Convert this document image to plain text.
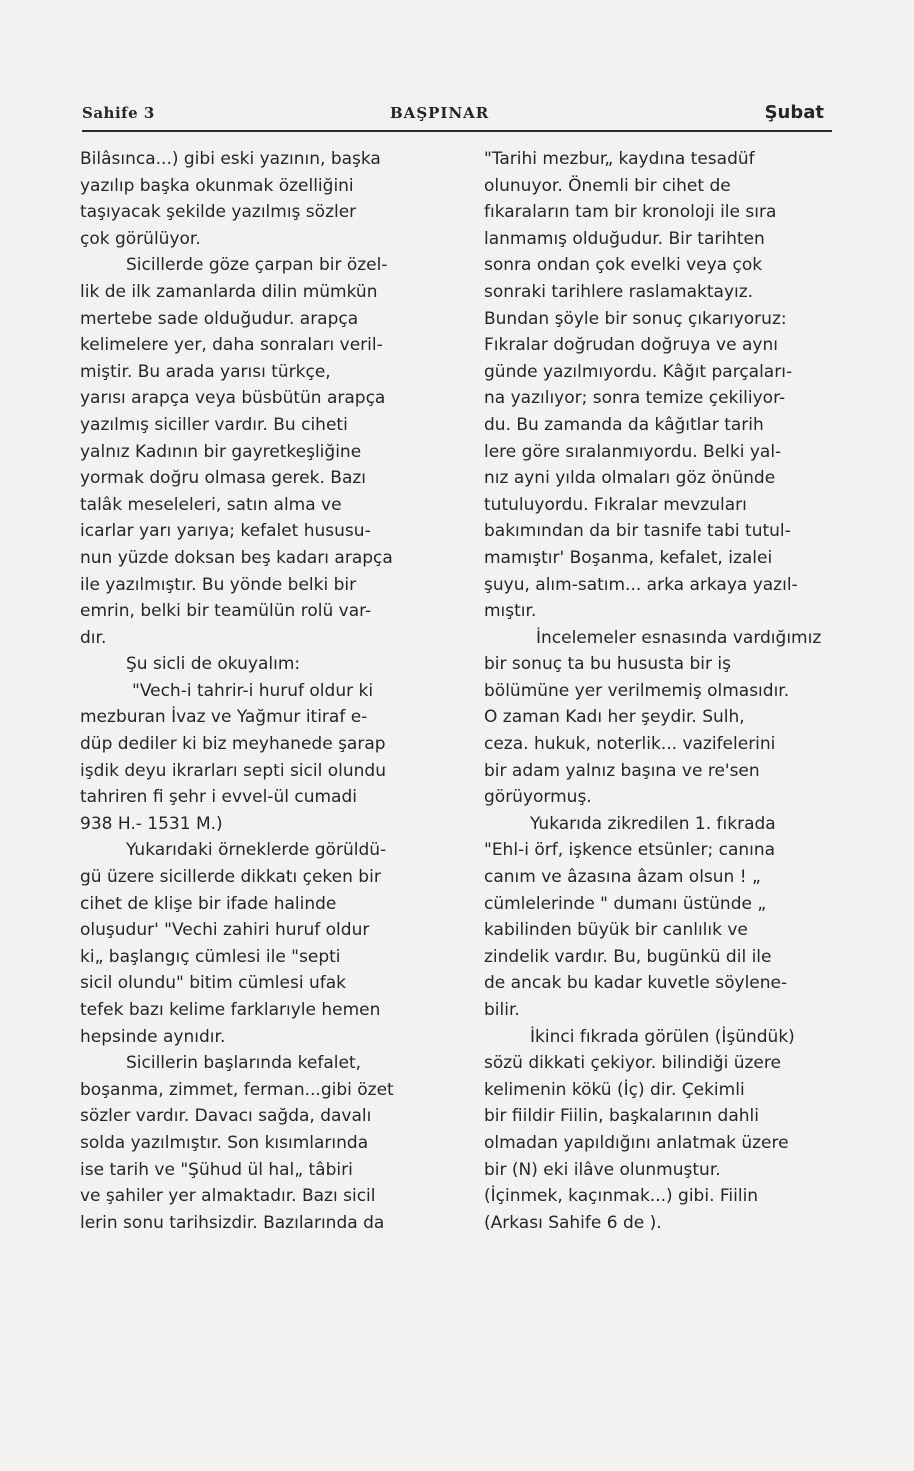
Sahife 3	BAŞPINAR	Şubat

Bilâsınca...) gibi eski yazının, başka
yazılıp başka okunmak özelliğini
taşıyacak şekilde yazılmış sözler
çok görülüyor.

Sicillerde göze çarpan bir özel-
lik de ilk zamanlarda dilin mümkün
mertebe sade olduğudur. arapça
kelimelere yer, daha sonraları veril-
miştir. Bu arada yarısı türkçe,
yarısı arapça veya büsbütün arapça
yazılmış siciller vardır. Bu ciheti
yalnız Kadının bir gayretkeşliğine
yormak doğru olmasa gerek. Bazı
talâk meseleleri, satın alma ve
icarlar yarı yarıya; kefalet hususu-
nun yüzde doksan beş kadarı arapça
ile yazılmıştır. Bu yönde belki bir
emrin, belki bir teamülün rolü var-
dır.

Şu sicli de okuyalım:

"Vech-i tahrir-i huruf oldur ki
mezburan İvaz ve Yağmur itiraf e-
düp dediler ki biz meyhanede şarap
işdik deyu ikrarları septi sicil olundu
tahriren fi şehr i evvel-ül cumadi
938 H.- 1531 M.)

Yukarıdaki örneklerde görüldü-
gü üzere sicillerde dikkatı çeken bir
cihet de klişe bir ifade halinde
oluşudur' "Vechi zahiri huruf oldur
ki„ başlangıç cümlesi ile "septi
sicil olundu" bitim cümlesi ufak
tefek bazı kelime farklarıyle hemen
hepsinde aynıdır.

Sicillerin başlarında kefalet,
boşanma, zimmet, ferman...gibi özet
sözler vardır. Davacı sağda, davalı
solda yazılmıştır. Son kısımlarında
ise tarih ve "Şühud ül hal„ tâbiri
ve şahiler yer almaktadır. Bazı sicil
lerin sonu tarihsizdir. Bazılarında da

"Tarihi mezbur„ kaydına tesadüf
olunuyor. Önemli bir cihet de
fıkaraların tam bir kronoloji ile sıra
lanmamış olduğudur. Bir tarihten
sonra ondan çok evelki veya çok
sonraki tarihlere raslamaktayız.
Bundan şöyle bir sonuç çıkarıyoruz:
Fıkralar doğrudan doğruya ve aynı
günde yazılmıyordu. Kâğıt parçaları-
na yazılıyor; sonra temize çekiliyor-
du. Bu zamanda da kâğıtlar tarih
lere göre sıralanmıyordu. Belki yal-
nız ayni yılda olmaları göz önünde
tutuluyordu. Fıkralar mevzuları
bakımından da bir tasnife tabi tutul-
mamıştır' Boşanma, kefalet, izalei
şuyu, alım-satım... arka arkaya yazıl-
mıştır.

İncelemeler esnasında vardığımız
bir sonuç ta bu hususta bir iş
bölümüne yer verilmemiş olmasıdır.
O zaman Kadı her şeydir. Sulh,
ceza. hukuk, noterlik... vazifelerini
bir adam yalnız başına ve re'sen
görüyormuş.

Yukarıda zikredilen 1. fıkrada
"Ehl-i örf, işkence etsünler; canına
canım ve âzasına âzam olsun ! „
cümlelerinde " dumanı üstünde „
kabilinden büyük bir canlılık ve
zindelik vardır. Bu, bugünkü dil ile
de ancak bu kadar kuvetle söylene-
bilir.

İkinci fıkrada görülen (İşündük)
sözü dikkati çekiyor. bilindiği üzere
kelimenin kökü (İç) dir. Çekimli
bir fiildir Fiilin, başkalarının dahli
olmadan yapıldığını anlatmak üzere
bir (N) eki ilâve olunmuştur.
(İçinmek, kaçınmak...) gibi. Fiilin

(Arkası Sahife 6 de ).
